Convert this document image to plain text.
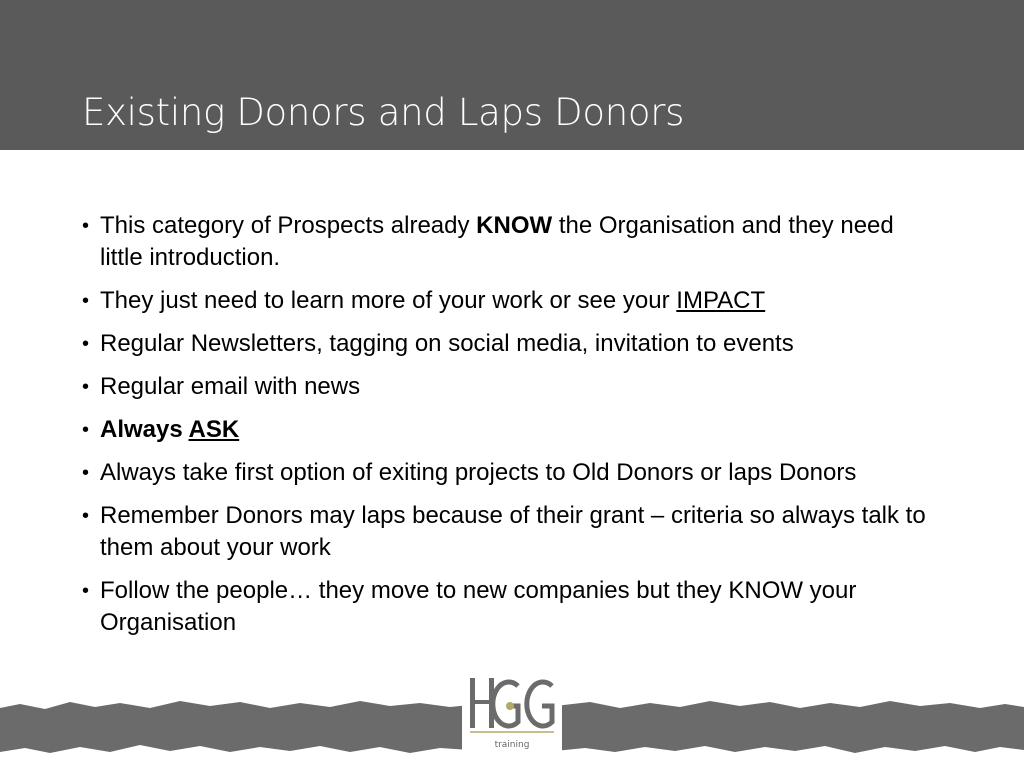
Existing Donors and Laps Donors
• This category of Prospects already KNOW the Organisation and they need little introduction.
• They just need to learn more of your work or see your IMPACT
• Regular Newsletters, tagging on social media, invitation to events
• Regular email with news
• Always ASK
• Always take first option of exiting projects to Old Donors or laps Donors
• Remember Donors may laps because of their grant – criteria so always talk to them about your work
• Follow the people… they move to new companies but they KNOW your Organisation
training
